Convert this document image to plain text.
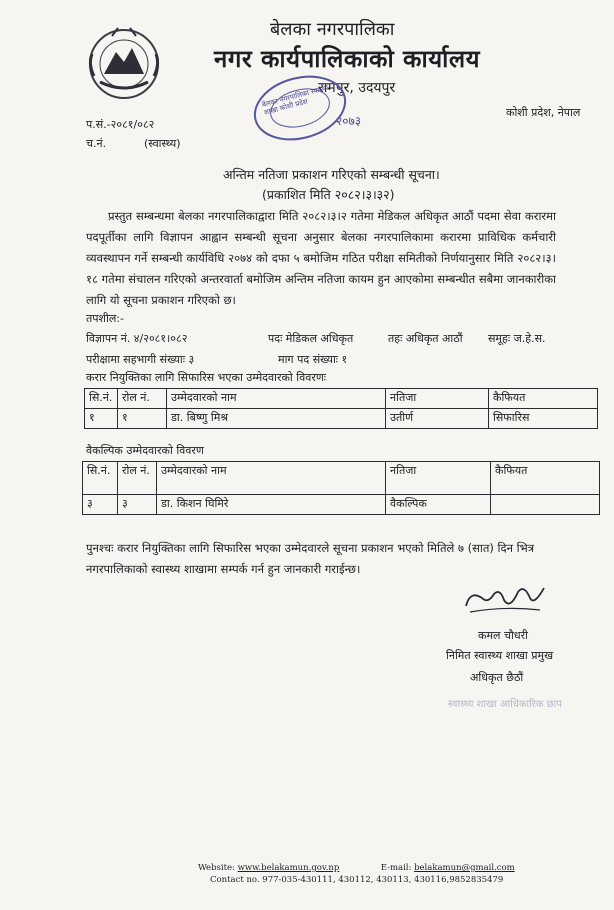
बेलका नगरपालिका
नगर कार्यपालिकाको कार्यालय
रामपुर, उदयपुर
बेलका नगरपालिका स्वास्थ्य शाखा कोशी प्रदेश
२०७३
कोशी प्रदेश, नेपाल
प.सं.-२०८१/०८२
च.नं.	(स्वास्थ्य)
अन्तिम नतिजा प्रकाशन गरिएको सम्बन्धी सूचना।
(प्रकाशित मिति २०८२।३।३२)

प्रस्तुत सम्बन्धमा बेलका नगरपालिकाद्वारा मिति २०८२।३।२ गतेमा मेडिकल अधिकृत आठौं पदमा सेवा करारमा पदपूर्तीका लागि विज्ञापन आह्वान सम्बन्धी सूचना अनुसार बेलका नगरपालिकामा करारमा प्राविधिक कर्मचारी व्यवस्थापन गर्ने सम्बन्धी कार्यविधि २०७४ को दफा ५ बमोजिम गठित परीक्षा समितीको निर्णयानुसार मिति २०८२।३।१८ गतेमा संचालन गरिएको अन्तरवार्ता बमोजिम अन्तिम नतिजा कायम हुन आएकोमा सम्बन्धीत सबैमा जानकारीका लागि यो सूचना प्रकाशन गरिएको छ।

तपशील:-
विज्ञापन नं. ४/२०८१।०८२	पदः मेडिकल अधिकृत	तहः अधिकृत आठौं समूहः ज.हे.स.
परीक्षामा सहभागी संख्याः ३	माग पद संख्याः १
करार नियुक्तिका लागि सिफारिस भएका उम्मेदवारको विवरणः
सि.नं.	रोल नं.	उम्मेदवारको नाम	नतिजा	कैफियत
१	१	डा. बिष्णु मिश्र	उतीर्ण	सिफारिस
वैकल्पिक उम्मेदवारको विवरण
सि.नं.	रोल नं.	उम्मेदवारको नाम	नतिजा	कैफियत
३	३	डा. किशन घिमिरे	वैकल्पिक	

पुनश्चः करार नियुक्तिका लागि सिफारिस भएका उम्मेदवारले सूचना प्रकाशन भएको मितिले ७ (सात) दिन भित्र नगरपालिकाको स्वास्थ्य शाखामा सम्पर्क गर्न हुन जानकारी गराईन्छ।

कमल चौधरी
निमित स्वास्थ्य शाखा प्रमुख
अधिकृत छैठौं
स्वास्थ्य शाखा आधिकारिक छाप
Website: www.belakamun.gov.np	E-mail: belakamun@gmail.com
Contact no. 977-035-430111, 430112, 430113, 430116,9852835479
